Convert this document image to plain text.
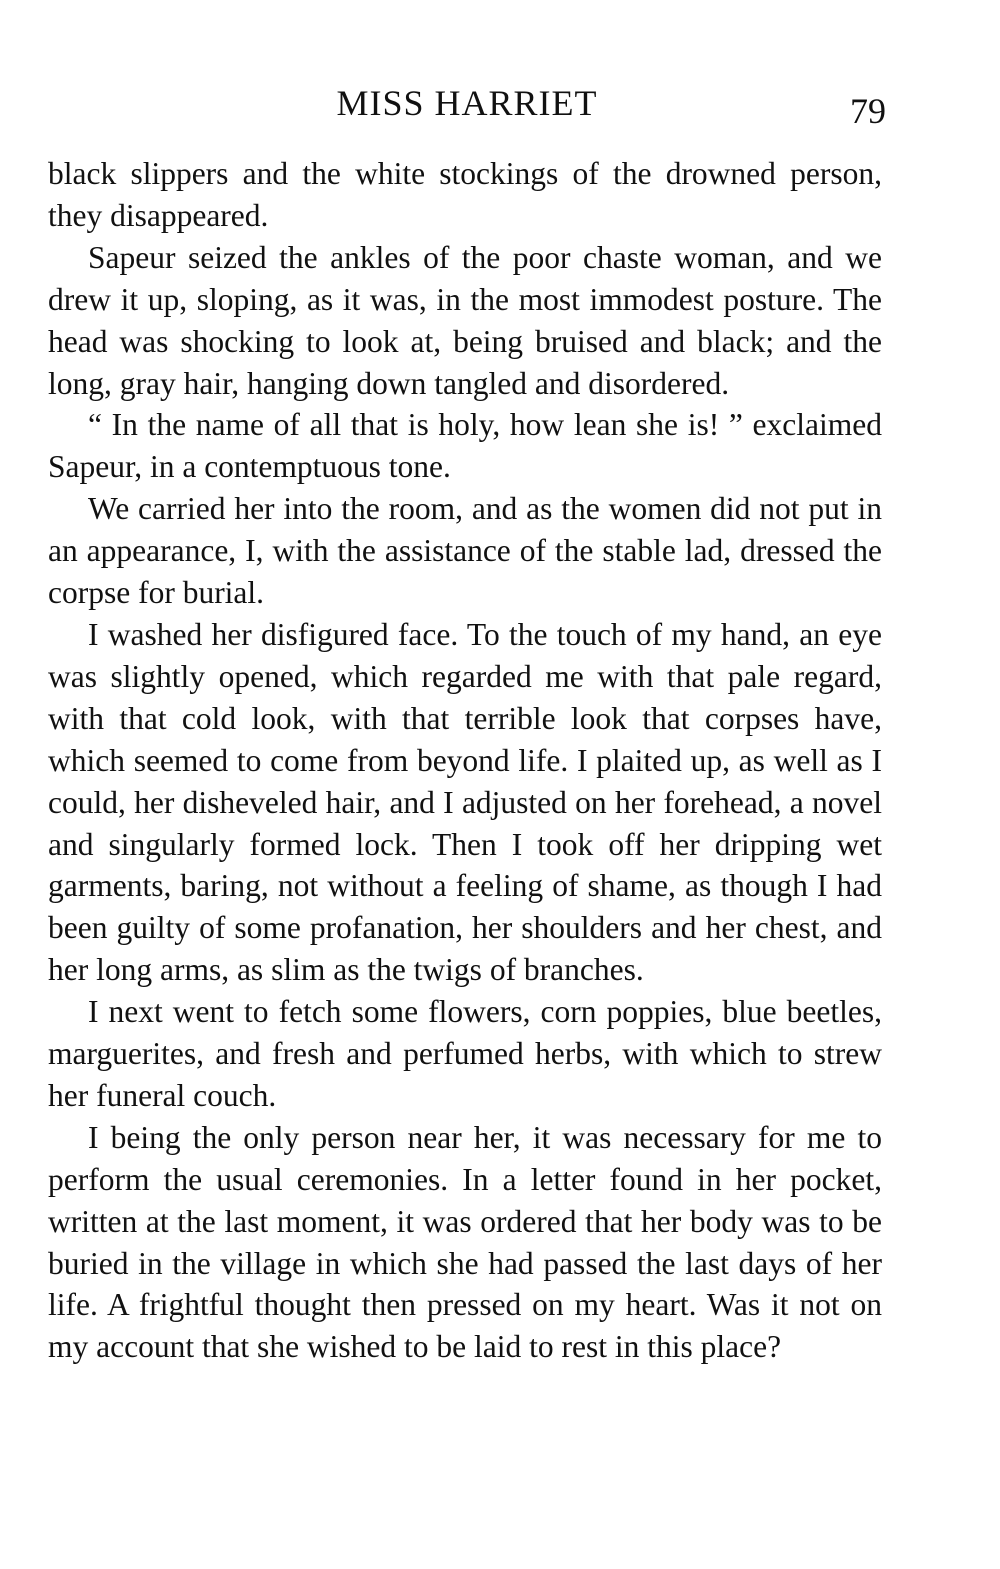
MISS HARRIET	79

black slippers and the white stockings of the drowned person, they disappeared.

Sapeur seized the ankles of the poor chaste woman, and we drew it up, sloping, as it was, in the most immodest posture. The head was shocking to look at, being bruised and black; and the long, gray hair, hanging down tangled and disordered.

“ In the name of all that is holy, how lean she is! ” exclaimed Sapeur, in a contemptuous tone.

We carried her into the room, and as the women did not put in an appearance, I, with the assistance of the stable lad, dressed the corpse for burial.

I washed her disfigured face. To the touch of my hand, an eye was slightly opened, which regarded me with that pale regard, with that cold look, with that terrible look that corpses have, which seemed to come from beyond life. I plaited up, as well as I could, her disheveled hair, and I adjusted on her forehead, a novel and singularly formed lock. Then I took off her dripping wet garments, baring, not without a feeling of shame, as though I had been guilty of some profanation, her shoulders and her chest, and her long arms, as slim as the twigs of branches.

I next went to fetch some flowers, corn poppies, blue beetles, marguerites, and fresh and perfumed herbs, with which to strew her funeral couch.

I being the only person near her, it was necessary for me to perform the usual ceremonies. In a letter found in her pocket, written at the last moment, it was ordered that her body was to be buried in the village in which she had passed the last days of her life. A frightful thought then pressed on my heart. Was it not on my account that she wished to be laid to rest in this place?
